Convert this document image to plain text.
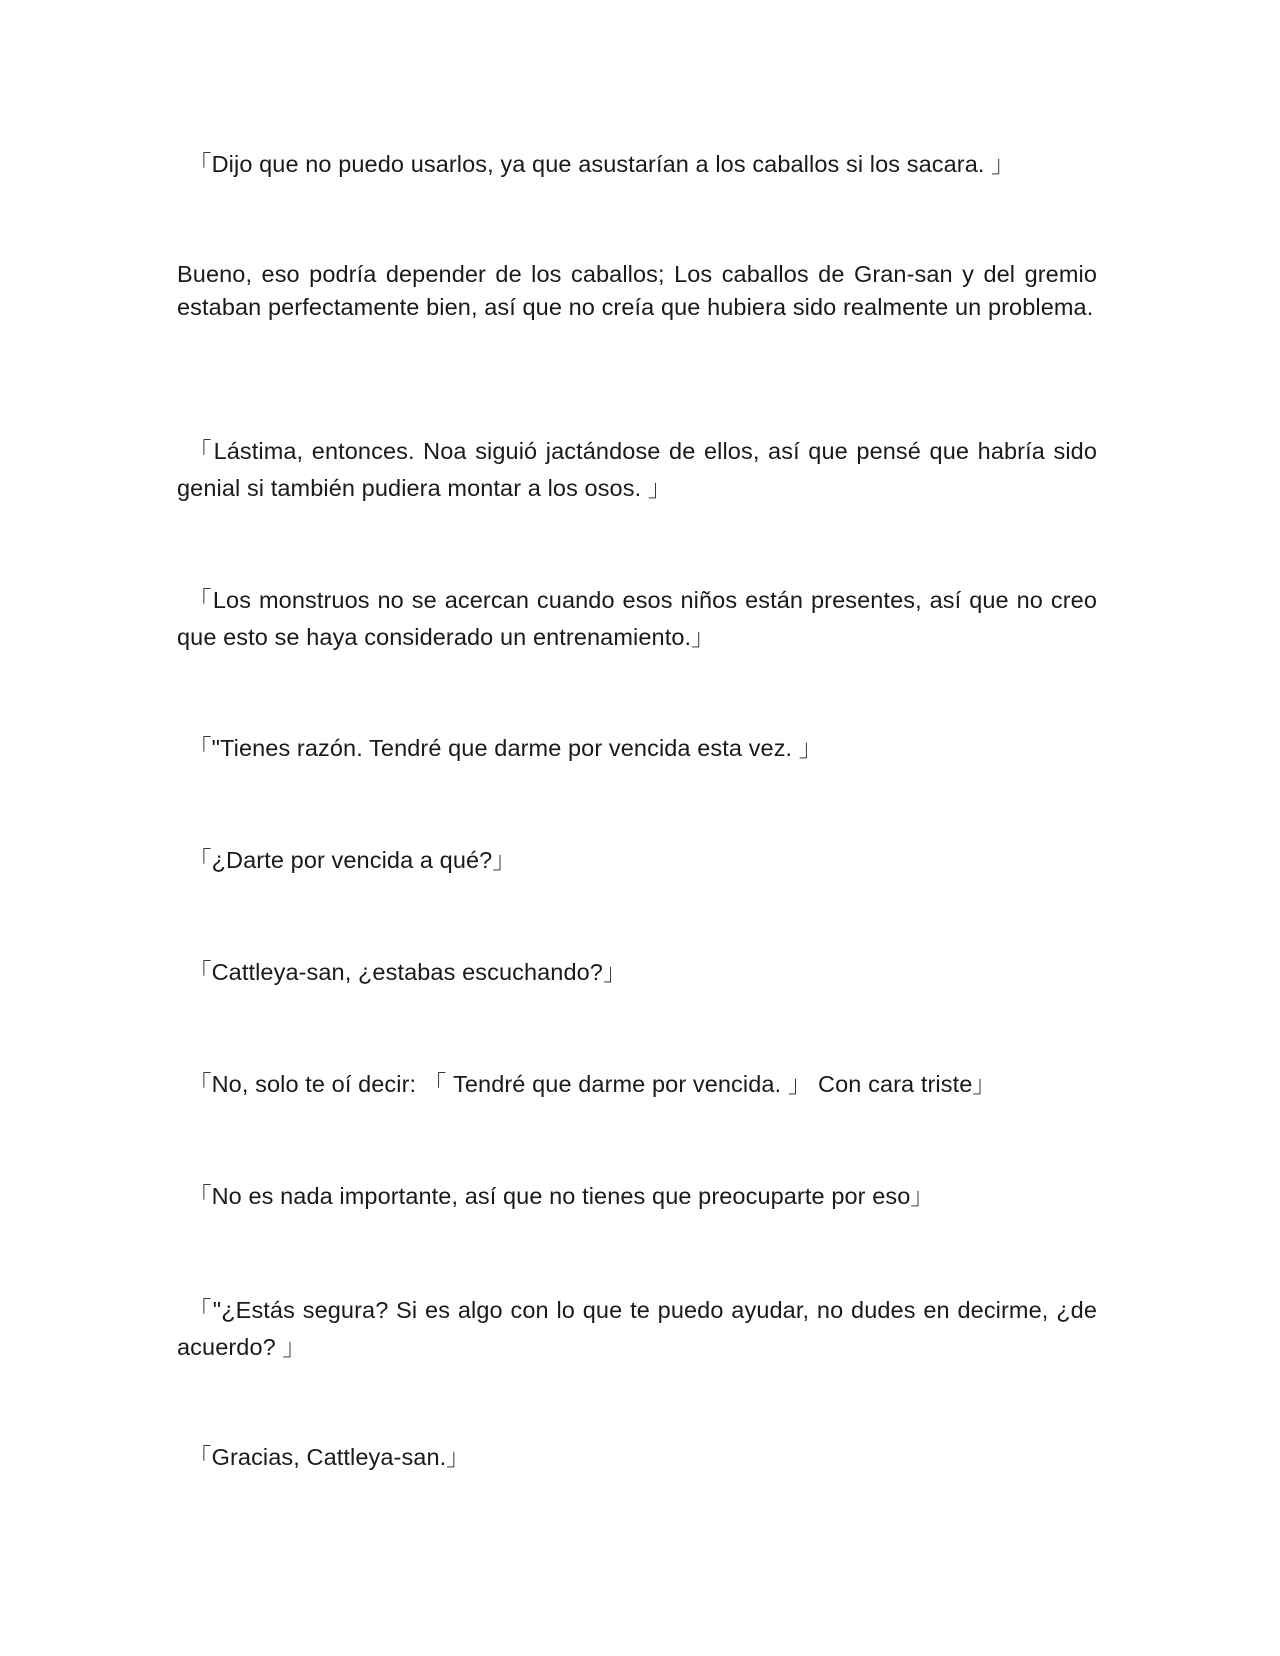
「Dijo que no puedo usarlos, ya que asustarían a los caballos si los sacara. 」

Bueno, eso podría depender de los caballos; Los caballos de Gran-san y del gremio estaban perfectamente bien, así que no creía que hubiera sido realmente un problema.

「Lástima, entonces. Noa siguió jactándose de ellos, así que pensé que habría sido genial si también pudiera montar a los osos. 」

「Los monstruos no se acercan cuando esos niños están presentes, así que no creo que esto se haya considerado un entrenamiento.」

「"Tienes razón. Tendré que darme por vencida esta vez. 」

「¿Darte por vencida a qué?」

「Cattleya-san, ¿estabas escuchando?」

「No, solo te oí decir: 「 Tendré que darme por vencida. 」 Con cara triste」

「No es nada importante, así que no tienes que preocuparte por eso」

「"¿Estás segura? Si es algo con lo que te puedo ayudar, no dudes en decirme, ¿de acuerdo? 」

「Gracias, Cattleya-san.」
